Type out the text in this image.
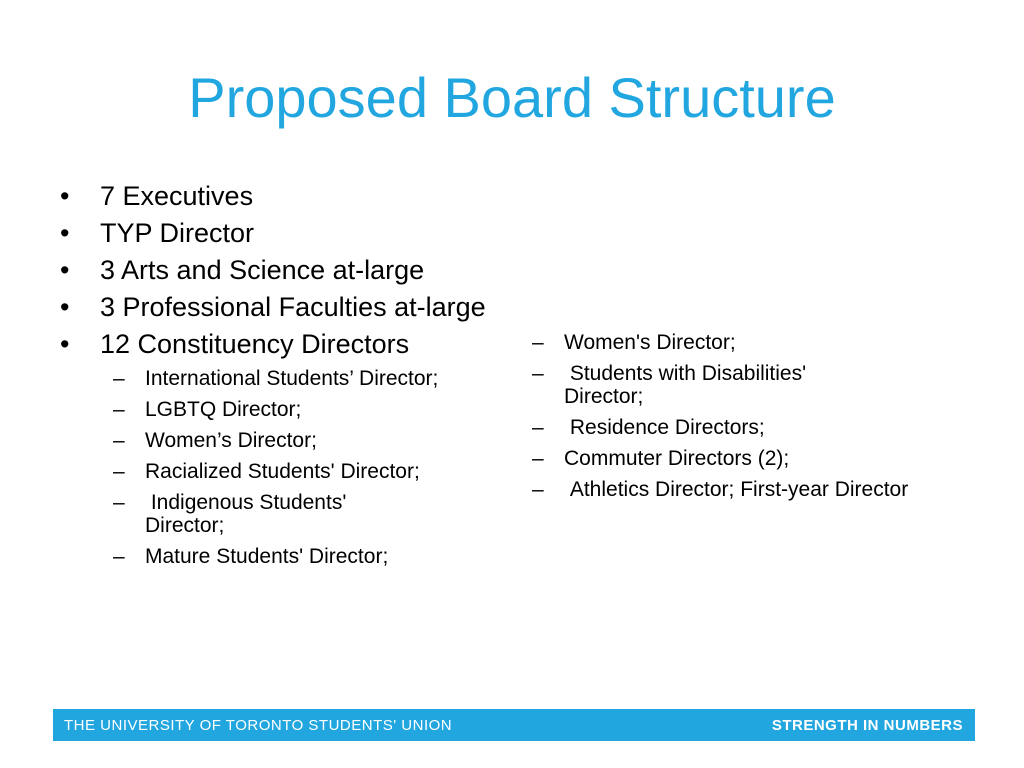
Proposed Board Structure
• 7 Executives
• TYP Director
• 3 Arts and Science at-large
• 3 Professional Faculties at-large
• 12 Constituency Directors
– International Students’ Director;
– LGBTQ Director;
– Women’s Director;
– Racialized Students' Director;
– Indigenous Students' Director;
– Mature Students' Director;
– Women's Director;
– Students with Disabilities' Director;
– Residence Directors;
– Commuter Directors (2);
– Athletics Director; First-year Director
THE UNIVERSITY OF TORONTO STUDENTS' UNION	STRENGTH IN NUMBERS
